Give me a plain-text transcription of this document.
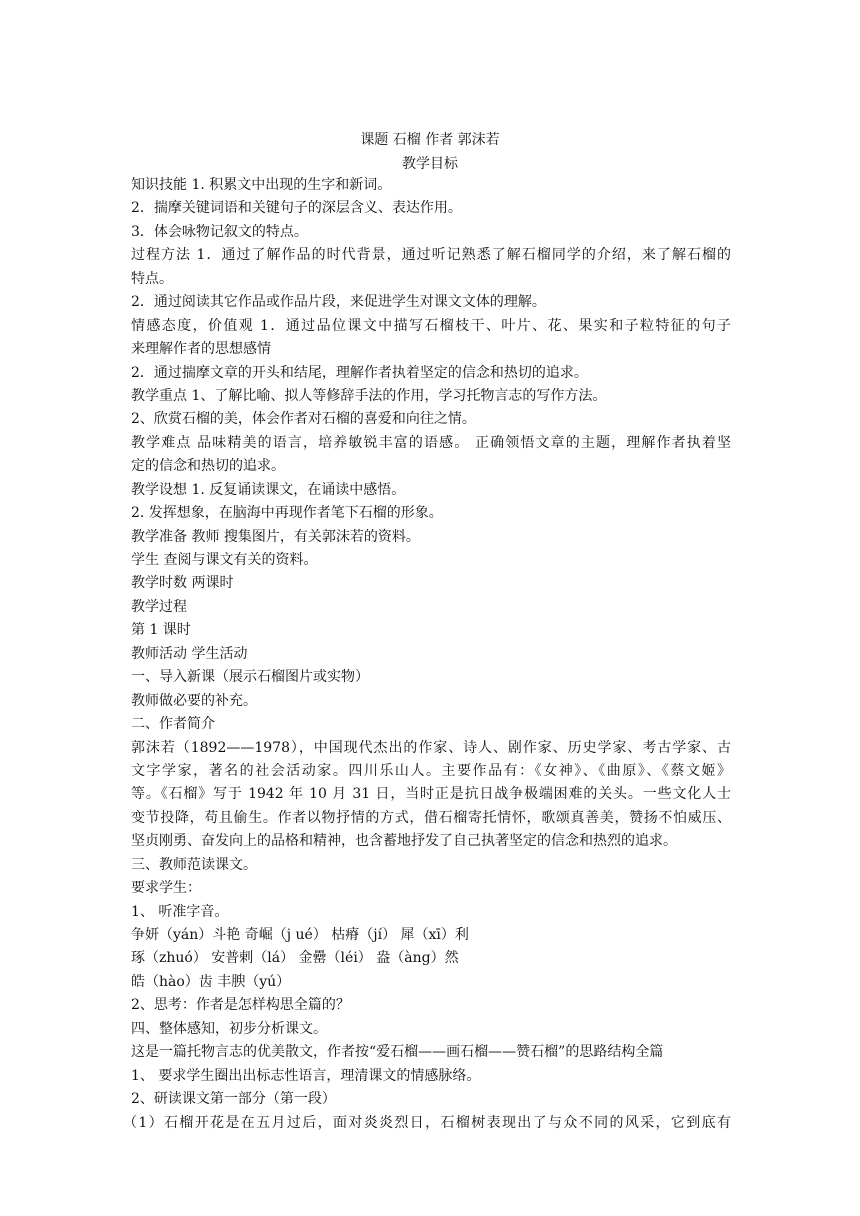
课题 石榴 作者 郭沫若
教学目标
知识技能 1. 积累文中出现的生字和新词。
2．揣摩关键词语和关键句子的深层含义、表达作用。
3．体会咏物记叙文的特点。
过程方法 1．通过了解作品的时代背景，通过听记熟悉了解石榴同学的介绍，来了解石榴的
特点。
2．通过阅读其它作品或作品片段，来促进学生对课文文体的理解。
情感态度，价值观 1．通过品位课文中描写石榴枝干、叶片、花、果实和子粒特征的句子
来理解作者的思想感情
2．通过揣摩文章的开头和结尾，理解作者执着坚定的信念和热切的追求。
教学重点 1、了解比喻、拟人等修辞手法的作用，学习托物言志的写作方法。
2、欣赏石榴的美，体会作者对石榴的喜爱和向往之情。
教学难点 品味精美的语言，培养敏锐丰富的语感。 正确领悟文章的主题，理解作者执着坚
定的信念和热切的追求。
教学设想 1. 反复诵读课文，在诵读中感悟。
2. 发挥想象，在脑海中再现作者笔下石榴的形象。
教学准备 教师 搜集图片，有关郭沫若的资料。
学生 查阅与课文有关的资料。
教学时数 两课时
教学过程
第 1 课时
教师活动 学生活动
一、导入新课（展示石榴图片或实物）
教师做必要的补充。
二、作者简介
郭沫若（1892——1978），中国现代杰出的作家、诗人、剧作家、历史学家、考古学家、古
文字学家，著名的社会活动家。四川乐山人。主要作品有：《女神》、《曲原》、《蔡文姬》
等。《石榴》写于 1942 年 10 月 31 日，当时正是抗日战争极端困难的关头。一些文化人士
变节投降，苟且偷生。作者以物抒情的方式，借石榴寄托情怀，歌颂真善美，赞扬不怕威压、
坚贞刚勇、奋发向上的品格和精神，也含蓄地抒发了自己执著坚定的信念和热烈的追求。
三、教师范读课文。
要求学生：
1、 听准字音。
争妍（yán）斗艳 奇崛（j ué） 枯瘠（jí） 犀（xī）利
琢（zhuó） 安普剌（lá） 金罍（léi） 盎（àng）然
皓（hào）齿 丰腴（yú）
2、思考：作者是怎样构思全篇的？
四、整体感知，初步分析课文。
这是一篇托物言志的优美散文，作者按“爱石榴——画石榴——赞石榴”的思路结构全篇
1、 要求学生圈出出标志性语言，理清课文的情感脉络。
2、研读课文第一部分（第一段）
（1）石榴开花是在五月过后，面对炎炎烈日，石榴树表现出了与众不同的风采，它到底有
